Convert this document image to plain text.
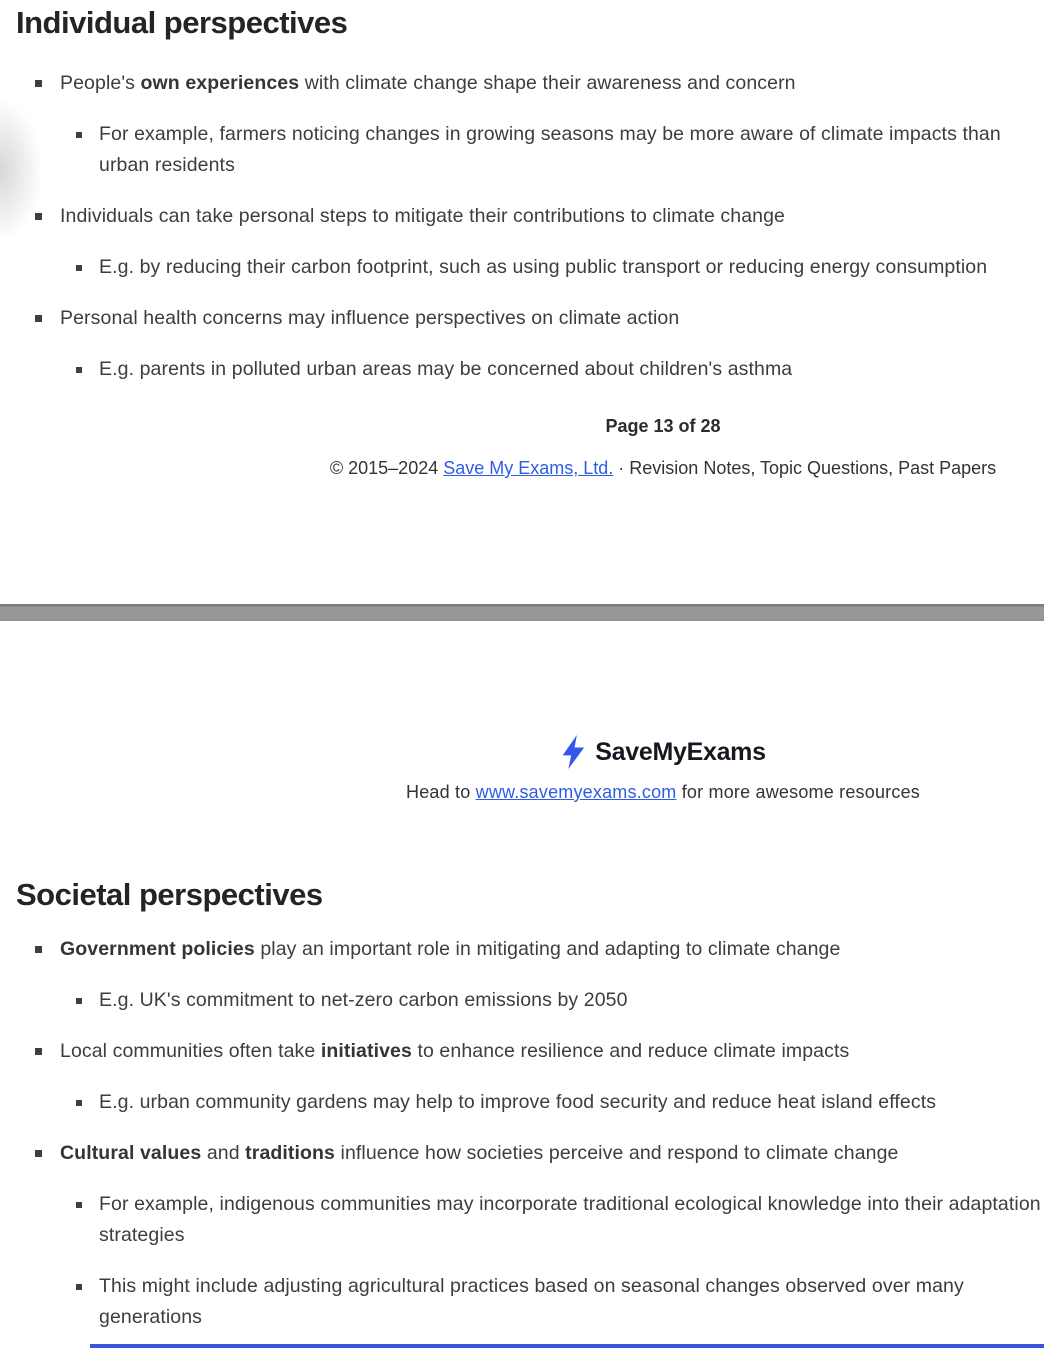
Individual perspectives
People's own experiences with climate change shape their awareness and concern
For example, farmers noticing changes in growing seasons may be more aware of climate impacts than urban residents
Individuals can take personal steps to mitigate their contributions to climate change
E.g. by reducing their carbon footprint, such as using public transport or reducing energy consumption
Personal health concerns may influence perspectives on climate action
E.g. parents in polluted urban areas may be concerned about children's asthma
Page 13 of 28
© 2015–2024 Save My Exams, Ltd. · Revision Notes, Topic Questions, Past Papers
SaveMyExams
Head to www.savemyexams.com for more awesome resources
Societal perspectives
Government policies play an important role in mitigating and adapting to climate change
E.g. UK's commitment to net-zero carbon emissions by 2050
Local communities often take initiatives to enhance resilience and reduce climate impacts
E.g. urban community gardens may help to improve food security and reduce heat island effects
Cultural values and traditions influence how societies perceive and respond to climate change
For example, indigenous communities may incorporate traditional ecological knowledge into their adaptation strategies
This might include adjusting agricultural practices based on seasonal changes observed over many generations
